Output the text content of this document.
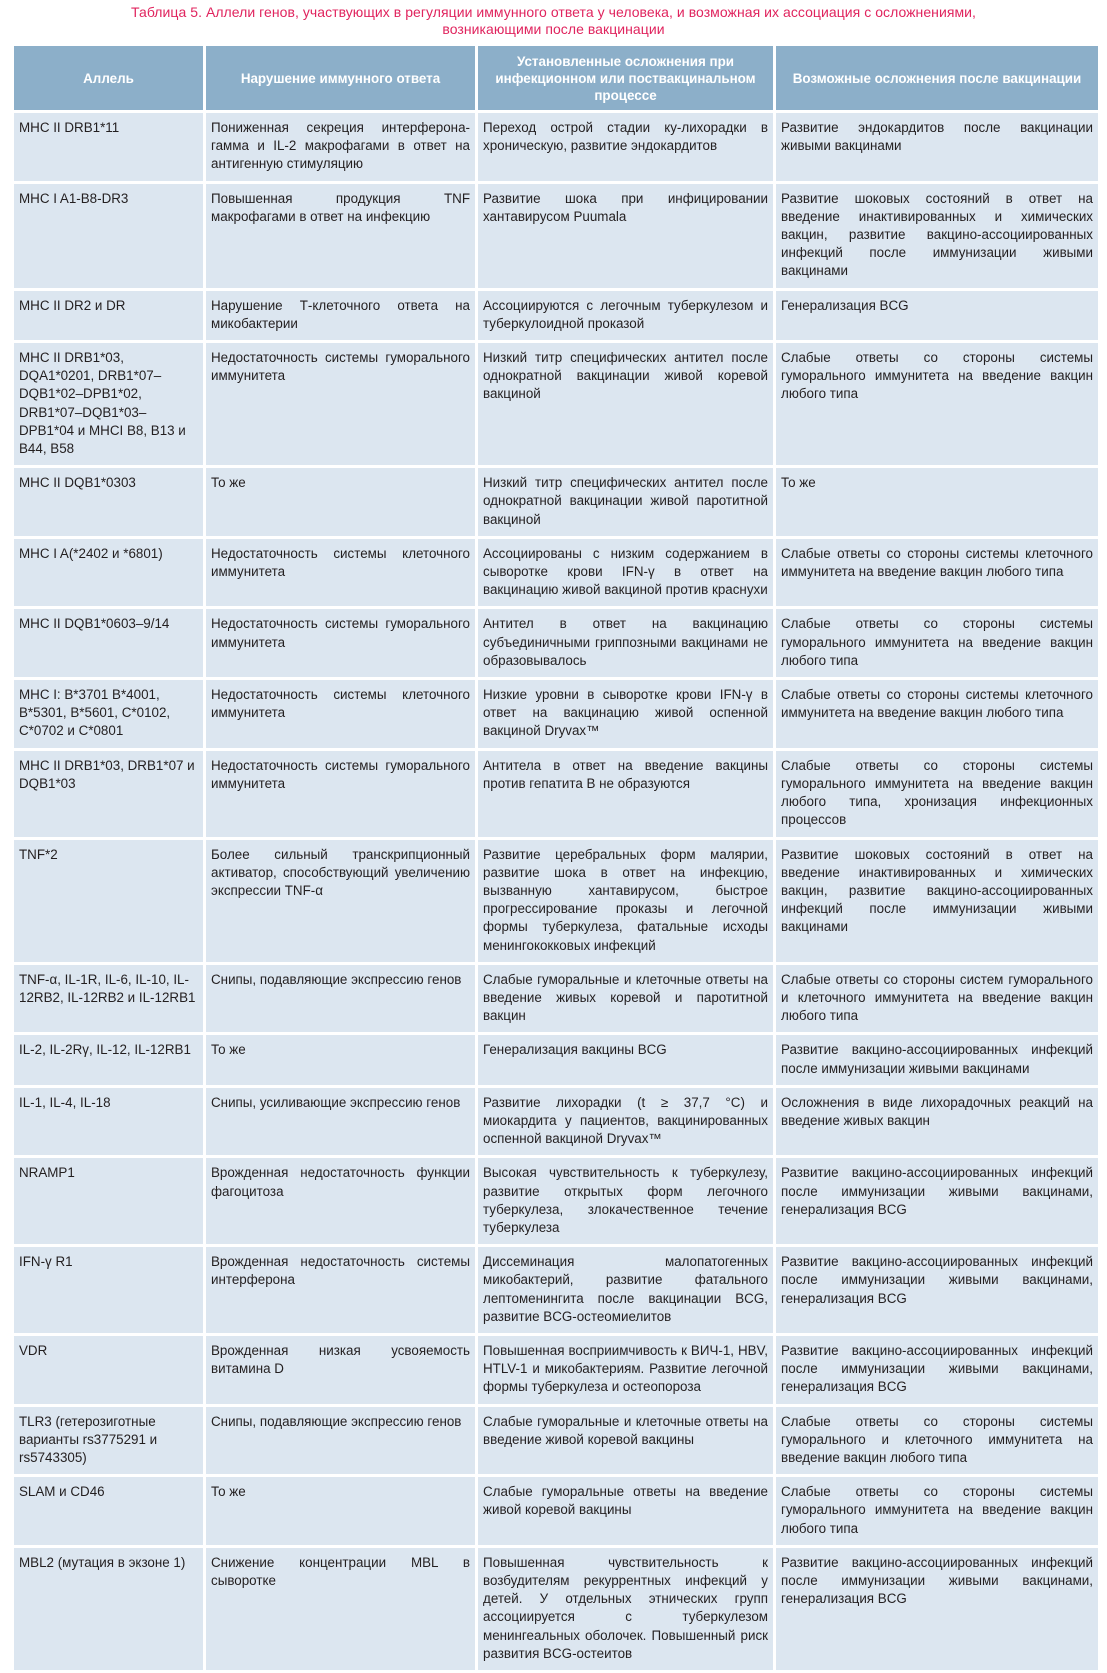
Таблица 5. Аллели генов, участвующих в регуляции иммунного ответа у человека, и возможная их ассоциация с осложнениями,
возникающими после вакцинации
Аллель	Нарушение иммунного ответа	Установленные осложнения при инфекционном или поствакцинальном процессе	Возможные осложнения после вакцинации
MHC II DRB1*11	Пониженная секреция интерферона-гамма и IL-2 макрофагами в ответ на антигенную стимуляцию	Переход острой стадии ку-лихорадки в хроническую, развитие эндокардитов	Развитие эндокардитов после вакцинации живыми вакцинами
MHC I A1-B8-DR3	Повышенная продукция TNF макрофагами в ответ на инфекцию	Развитие шока при инфицировании хантавирусом Puumala	Развитие шоковых состояний в ответ на введение инактивированных и химических вакцин, развитие вакцино-ассоциированных инфекций после иммунизации живыми вакцинами
MHC II DR2 и DR	Нарушение Т-клеточного ответа на микобактерии	Ассоциируются с легочным туберкулезом и туберкулоидной проказой	Генерализация BCG
MHC II DRB1*03, DQA1*0201, DRB1*07–DQB1*02–DPB1*02, DRB1*07–DQB1*03–DPB1*04 и MHCI B8, B13 и B44, B58	Недостаточность системы гуморального иммунитета	Низкий титр специфических антител после однократной вакцинации живой коревой вакциной	Слабые ответы со стороны системы гуморального иммунитета на введение вакцин любого типа
MHC II DQB1*0303	То же	Низкий титр специфических антител после однократной вакцинации живой паротитной вакциной	То же
MHC I A(*2402 и *6801)	Недостаточность системы клеточного иммунитета	Ассоциированы с низким содержанием в сыворотке крови IFN-γ в ответ на вакцинацию живой вакциной против краснухи	Слабые ответы со стороны системы клеточного иммунитета на введение вакцин любого типа
MHC II DQB1*0603–9/14	Недостаточность системы гуморального иммунитета	Антител в ответ на вакцинацию субъединичными гриппозными вакцинами не образовывалось	Слабые ответы со стороны системы гуморального иммунитета на введение вакцин любого типа
MHC I: B*3701 B*4001, B*5301, B*5601, C*0102, C*0702 и C*0801	Недостаточность системы клеточного иммунитета	Низкие уровни в сыворотке крови IFN-γ в ответ на вакцинацию живой оспенной вакциной Dryvax™	Слабые ответы со стороны системы клеточного иммунитета на введение вакцин любого типа
MHC II DRB1*03, DRB1*07 и DQB1*03	Недостаточность системы гуморального иммунитета	Антитела в ответ на введение вакцины против гепатита В не образуются	Слабые ответы со стороны системы гуморального иммунитета на введение вакцин любого типа, хронизация инфекционных процессов
TNF*2	Более сильный транскрипционный активатор, способствующий увеличению экспрессии TNF-α	Развитие церебральных форм малярии, развитие шока в ответ на инфекцию, вызванную хантавирусом, быстрое прогрессирование проказы и легочной формы туберкулеза, фатальные исходы менингококковых инфекций	Развитие шоковых состояний в ответ на введение инактивированных и химических вакцин, развитие вакцино-ассоциированных инфекций после иммунизации живыми вакцинами
TNF-α, IL-1R, IL-6, IL-10, IL-12RB2, IL-12RB2 и IL-12RB1	Снипы, подавляющие экспрессию генов	Слабые гуморальные и клеточные ответы на введение живых коревой и паротитной вакцин	Слабые ответы со стороны систем гуморального и клеточного иммунитета на введение вакцин любого типа
IL-2, IL-2Rγ, IL-12, IL-12RB1	То же	Генерализация вакцины BCG	Развитие вакцино-ассоциированных инфекций после иммунизации живыми вакцинами
IL-1, IL-4, IL-18	Снипы, усиливающие экспрессию генов	Развитие лихорадки (t ≥ 37,7 °С) и миокардита у пациентов, вакцинированных оспенной вакциной Dryvax™	Осложнения в виде лихорадочных реакций на введение живых вакцин
NRAMP1	Врожденная недостаточность функции фагоцитоза	Высокая чувствительность к туберкулезу, развитие открытых форм легочного туберкулеза, злокачественное течение туберкулеза	Развитие вакцино-ассоциированных инфекций после иммунизации живыми вакцинами, генерализация BCG
IFN-γ R1	Врожденная недостаточность системы интерферона	Диссеминация малопатогенных микобактерий, развитие фатального лептоменингита после вакцинации BCG, развитие BCG-остеомиелитов	Развитие вакцино-ассоциированных инфекций после иммунизации живыми вакцинами, генерализация BCG
VDR	Врожденная низкая усвояемость витамина D	Повышенная восприимчивость к ВИЧ-1, HBV, HTLV-1 и микобактериям. Развитие легочной формы туберкулеза и остеопороза	Развитие вакцино-ассоциированных инфекций после иммунизации живыми вакцинами, генерализация BCG
TLR3 (гетерозиготные варианты rs3775291 и rs5743305)	Снипы, подавляющие экспрессию генов	Слабые гуморальные и клеточные ответы на введение живой коревой вакцины	Слабые ответы со стороны системы гуморального и клеточного иммунитета на введение вакцин любого типа
SLAM и CD46	То же	Слабые гуморальные ответы на введение живой коревой вакцины	Слабые ответы со стороны системы гуморального иммунитета на введение вакцин любого типа
MBL2 (мутация в экзоне 1)	Снижение концентрации MBL в сыворотке	Повышенная чувствительность к возбудителям рекуррентных инфекций у детей. У отдельных этнических групп ассоциируется с туберкулезом менингеальных оболочек. Повышенный риск развития BCG-остеитов	Развитие вакцино-ассоциированных инфекций после иммунизации живыми вакцинами, генерализация BCG
